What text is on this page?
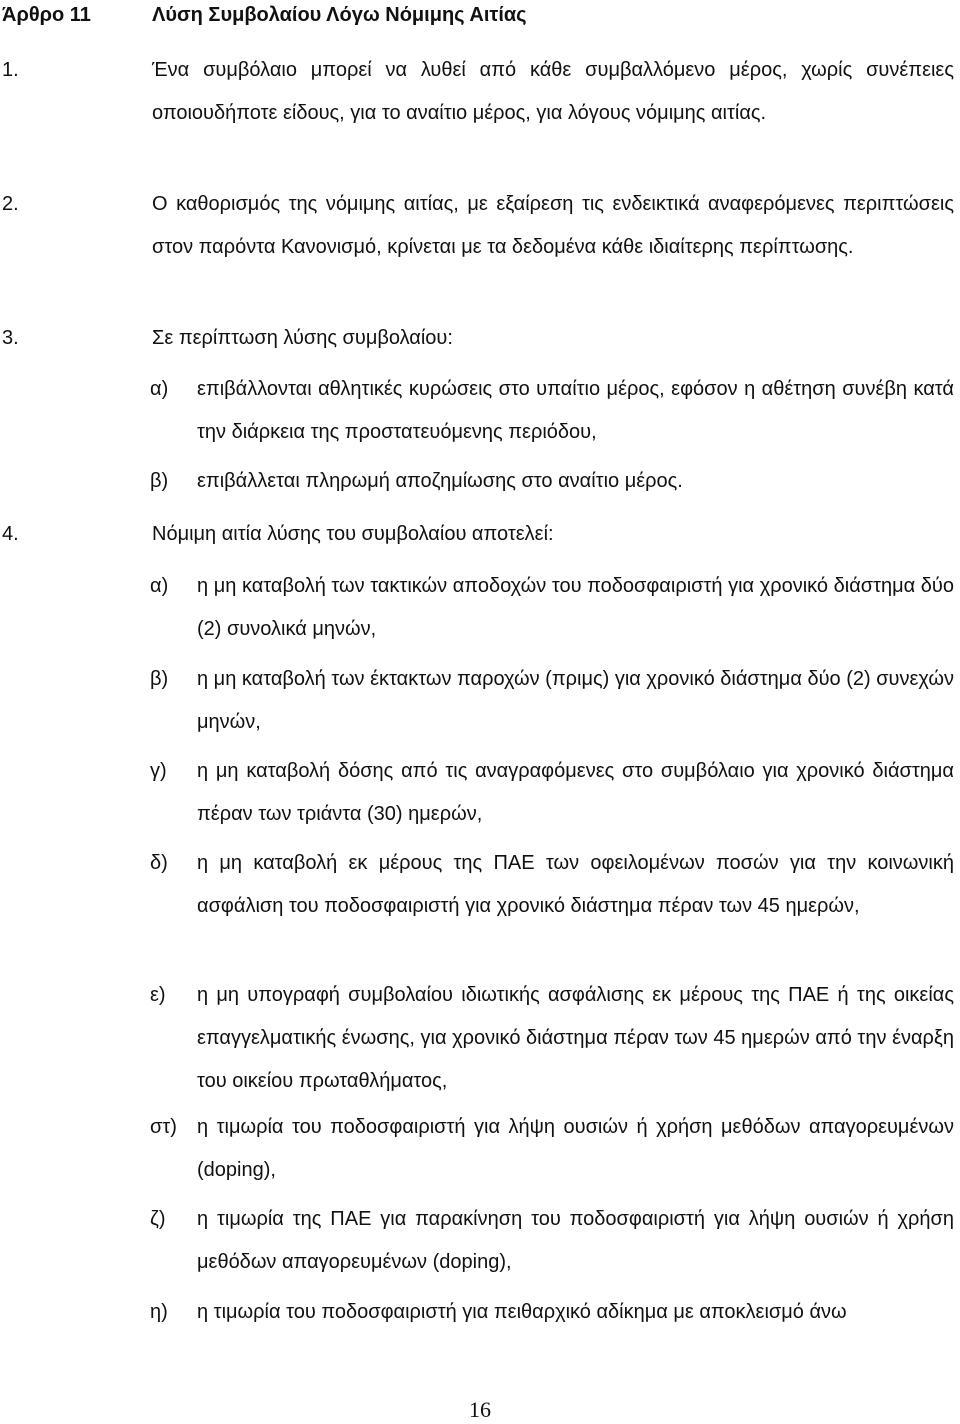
Άρθρο 11	Λύση Συμβολαίου Λόγω Νόμιμης Αιτίας
1.	Ένα συμβόλαιο μπορεί να λυθεί από κάθε συμβαλλόμενο μέρος, χωρίς συνέπειες οποιουδήποτε είδους, για το αναίτιο μέρος, για λόγους νόμιμης αιτίας.
2.	Ο καθορισμός της νόμιμης αιτίας, με εξαίρεση τις ενδεικτικά αναφερόμενες περιπτώσεις στον παρόντα Κανονισμό, κρίνεται με τα δεδομένα κάθε ιδιαίτερης περίπτωσης.
3.	Σε περίπτωση λύσης συμβολαίου:
α) επιβάλλονται αθλητικές κυρώσεις στο υπαίτιο μέρος, εφόσον η αθέτηση συνέβη κατά την διάρκεια της προστατευόμενης περιόδου,
β) επιβάλλεται πληρωμή αποζημίωσης στο αναίτιο μέρος.
4.	Νόμιμη αιτία λύσης του συμβολαίου αποτελεί:
α) η μη καταβολή των τακτικών αποδοχών του ποδοσφαιριστή για χρονικό διάστημα δύο (2) συνολικά μηνών,
β) η μη καταβολή των έκτακτων παροχών (πριμς) για χρονικό διάστημα δύο (2) συνεχών μηνών,
γ) η μη καταβολή δόσης από τις αναγραφόμενες στο συμβόλαιο για χρονικό διάστημα πέραν των τριάντα (30) ημερών,
δ) η μη καταβολή εκ μέρους της ΠΑΕ των οφειλομένων ποσών για την κοινωνική ασφάλιση του ποδοσφαιριστή για χρονικό διάστημα πέραν των 45 ημερών,
ε) η μη υπογραφή συμβολαίου ιδιωτικής ασφάλισης εκ μέρους της ΠΑΕ ή της οικείας επαγγελματικής ένωσης, για χρονικό διάστημα πέραν των 45 ημερών από την έναρξη του οικείου πρωταθλήματος,
στ) η τιμωρία του ποδοσφαιριστή για λήψη ουσιών ή χρήση μεθόδων απαγορευμένων (doping),
ζ) η τιμωρία της ΠΑΕ για παρακίνηση του ποδοσφαιριστή για λήψη ουσιών ή χρήση μεθόδων απαγορευμένων (doping),
η) η τιμωρία του ποδοσφαιριστή για πειθαρχικό αδίκημα με αποκλεισμό άνω
16
